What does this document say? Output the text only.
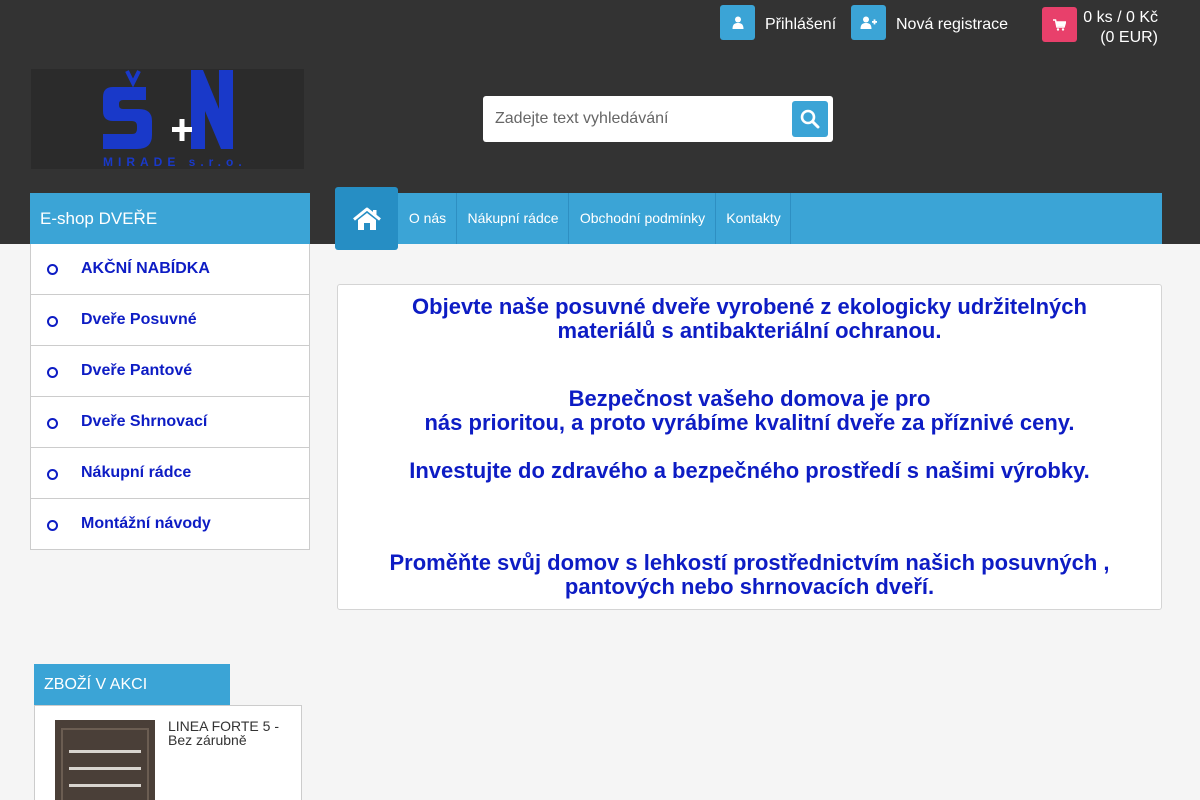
Přihlášení	Nová registrace	0 ks / 0 Kč
(0 EUR)
MIRADE s.r.o.
Zadejte text vyhledávání
E-shop DVEŘE
AKČNÍ NABÍDKA
Dveře Posuvné
Dveře Pantové
Dveře Shrnovací
Nákupní rádce
Montážní návody
O nás	Nákupní rádce	Obchodní podmínky	Kontakty

Objevte naše posuvné dveře vyrobené z ekologicky udržitelných materiálů s antibakteriální ochranou.

Bezpečnost vašeho domova je pro

nás prioritou, a proto vyrábíme kvalitní dveře za příznivé ceny.

Investujte do zdravého a bezpečného prostředí s našimi výrobky.

Proměňte svůj domov s lehkostí prostřednictvím našich posuvných , pantových nebo shrnovacích dveří.

ZBOŽÍ V AKCI
LINEA FORTE 5 - Bez zárubně
